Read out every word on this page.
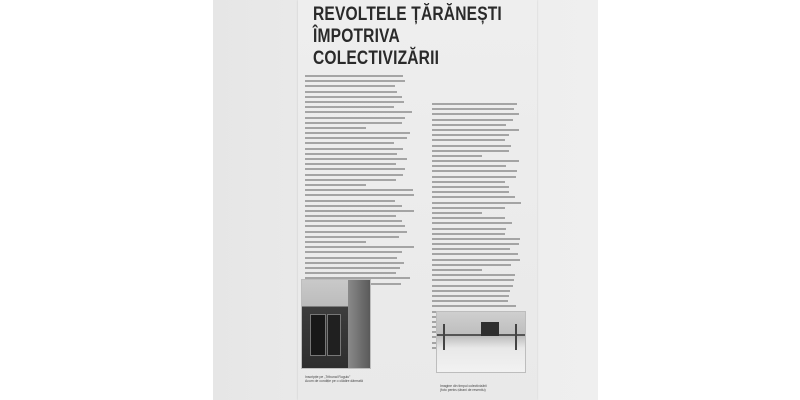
REVOLTELE ȚĂRĂNEȘTI
ÎMPOTRIVA
COLECTIVIZĂRII
Inscripție pe „Tribunal Rugulu”
Acum de condiție pe o clădire dărmată
Imagine din timpul colectivizării
(foto pentru țărani de resentiu)
